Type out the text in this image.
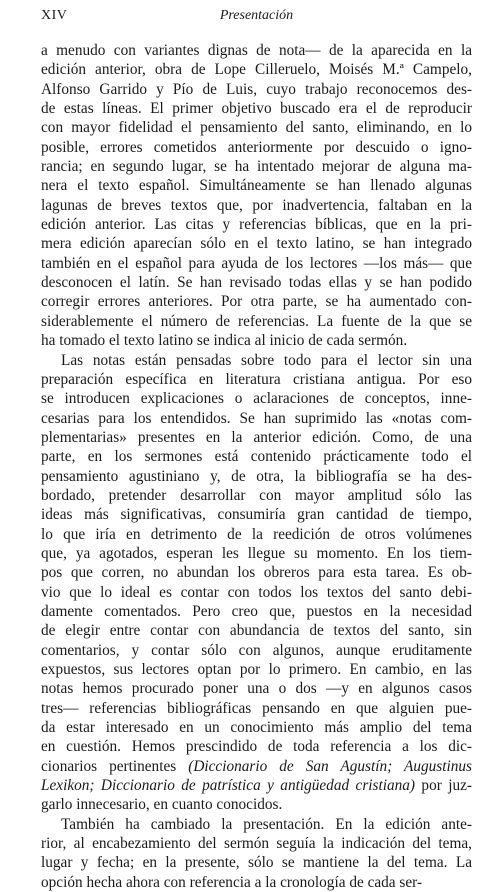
XIV	Presentación
a menudo con variantes dignas de nota— de la aparecida en la
edición anterior, obra de Lope Cilleruelo, Moisés M.ª Campelo,
Alfonso Garrido y Pío de Luis, cuyo trabajo reconocemos des-
de estas líneas. El primer objetivo buscado era el de reproducir
con mayor fidelidad el pensamiento del santo, eliminando, en lo
posible, errores cometidos anteriormente por descuido o igno-
rancia; en segundo lugar, se ha intentado mejorar de alguna ma-
nera el texto español. Simultáneamente se han llenado algunas
lagunas de breves textos que, por inadvertencia, faltaban en la
edición anterior. Las citas y referencias bíblicas, que en la pri-
mera edición aparecían sólo en el texto latino, se han integrado
también en el español para ayuda de los lectores —los más— que
desconocen el latín. Se han revisado todas ellas y se han podido
corregir errores anteriores. Por otra parte, se ha aumentado con-
siderablemente el número de referencias. La fuente de la que se
ha tomado el texto latino se indica al inicio de cada sermón.
Las notas están pensadas sobre todo para el lector sin una
preparación específica en literatura cristiana antigua. Por eso
se introducen explicaciones o aclaraciones de conceptos, inne-
cesarias para los entendidos. Se han suprimido las «notas com-
plementarias» presentes en la anterior edición. Como, de una
parte, en los sermones está contenido prácticamente todo el
pensamiento agustiniano y, de otra, la bibliografía se ha des-
bordado, pretender desarrollar con mayor amplitud sólo las
ideas más significativas, consumiría gran cantidad de tiempo,
lo que iría en detrimento de la reedición de otros volúmenes
que, ya agotados, esperan les llegue su momento. En los tiem-
pos que corren, no abundan los obreros para esta tarea. Es ob-
vio que lo ideal es contar con todos los textos del santo debi-
damente comentados. Pero creo que, puestos en la necesidad
de elegir entre contar con abundancia de textos del santo, sin
comentarios, y contar sólo con algunos, aunque eruditamente
expuestos, sus lectores optan por lo primero. En cambio, en las
notas hemos procurado poner una o dos —y en algunos casos
tres— referencias bibliográficas pensando en que alguien pue-
da estar interesado en un conocimiento más amplio del tema
en cuestión. Hemos prescindido de toda referencia a los dic-
cionarios pertinentes (Diccionario de San Agustín; Augustinus
Lexikon; Diccionario de patrística y antigüedad cristiana) por juz-
garlo innecesario, en cuanto conocidos.
También ha cambiado la presentación. En la edición ante-
rior, al encabezamiento del sermón seguía la indicación del tema,
lugar y fecha; en la presente, sólo se mantiene la del tema. La
opción hecha ahora con referencia a la cronología de cada ser-
